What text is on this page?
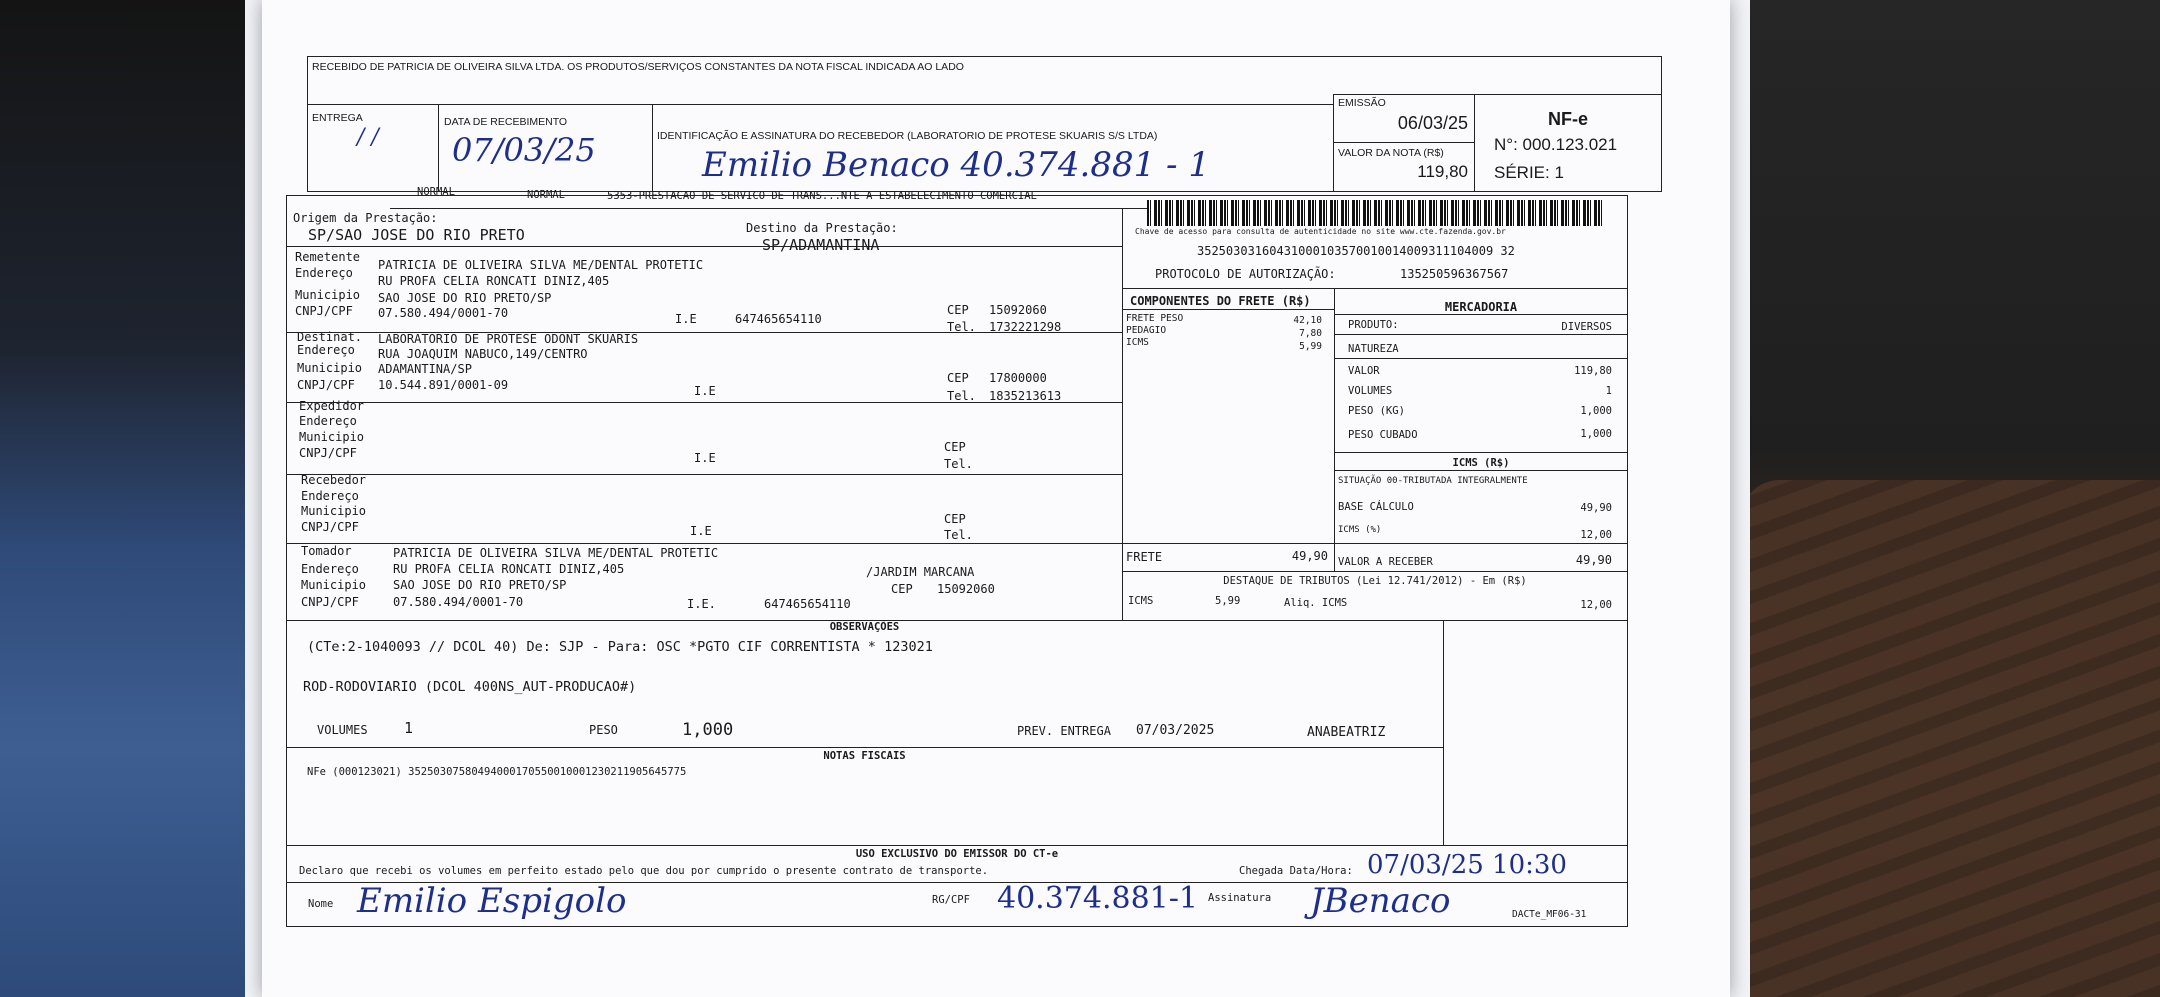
RECEBIDO DE PATRICIA DE OLIVEIRA SILVA LTDA. OS PRODUTOS/SERVIÇOS CONSTANTES DA NOTA FISCAL INDICADA AO LADO
ENTREGA
/ /
DATA DE RECEBIMENTO
07/03/25	IDENTIFICAÇÃO E ASSINATURA DO RECEBEDOR (LABORATORIO DE PROTESE SKUARIS S/S LTDA)
Emilio Benaco 40.374.881 - 1
EMISSÃO
06/03/25
VALOR DA NOTA (R$)
119,80
NF-e
N°: 000.123.021
SÉRIE: 1
NORMAL	NORMAL	5353-PRESTACAO DE SERVICO DE TRANS...NTE A ESTABELECIMENTO COMERCIAL
Chave de acesso para consulta de autenticidade no site www.cte.fazenda.gov.br
35250303160431000103570010014009311104009 32
PROTOCOLO DE AUTORIZAÇÃO:	135250596367567
Origem da Prestação:
SP/SAO JOSE DO RIO PRETO	Destino da Prestação:
SP/ADAMANTINA
Remetente
PATRICIA DE OLIVEIRA SILVA ME/DENTAL PROTETIC
Endereço
RU PROFA CELIA RONCATI DINIZ,405
Municipio SAO JOSE DO RIO PRETO/SP
CNPJ/CPF 07.580.494/0001-70	I.E	647465654110
CEP 15092060
Tel. 1732221298
Destinat. LABORATORIO DE PROTESE ODONT SKUARIS
Endereço RUA JOAQUIM NABUCO,149/CENTRO
Municipio ADAMANTINA/SP
CNPJ/CPF 10.544.891/0001-09	I.E
CEP 17800000
Tel. 1835213613
Expedidor
Endereço
Municipio
CNPJ/CPF	I.E
CEP
Tel.
Recebedor
Endereço
Municipio
CNPJ/CPF	I.E
CEP
Tel.
Tomador	PATRICIA DE OLIVEIRA SILVA ME/DENTAL PROTETIC
Endereço	RU PROFA CELIA RONCATI DINIZ,405	/JARDIM MARCANA
Municipio SAO JOSE DO RIO PRETO/SP	CEP 15092060
CNPJ/CPF	07.580.494/0001-70	I.E.	647465654110
COMPONENTES DO FRETE (R$)
FRETE PESO	42,10
PEDAGIO	7,80
ICMS	5,99
FRETE	49,90
MERCADORIA
PRODUTO:	DIVERSOS
NATUREZA
VALOR	119,80
VOLUMES	1
PESO (KG)	1,000
PESO CUBADO	1,000
ICMS (R$)
SITUAÇÃO 00-TRIBUTADA INTEGRALMENTE
BASE CÁLCULO	49,90
ICMS (%)	12,00
VALOR A RECEBER	49,90
DESTAQUE DE TRIBUTOS (Lei 12.741/2012) - Em (R$)
ICMS	5,99	Aliq. ICMS	12,00
OBSERVAÇÕES
(CTe:2-1040093 // DCOL 40) De: SJP - Para: OSC *PGTO CIF CORRENTISTA * 123021
ROD-RODOVIARIO (DCOL 400NS_AUT-PRODUCAO#)
VOLUMES 1	PESO	1,000	PREV. ENTREGA 07/03/2025	ANABEATRIZ
NOTAS FISCAIS
NFe (000123021) 35250307580494000170550010001230211905645775
USO EXCLUSIVO DO EMISSOR DO CT-e
Declaro que recebi os volumes em perfeito estado pelo que dou por cumprido o presente contrato de transporte.	Chegada Data/Hora: 07/03/25 10:30
Nome Emilio Espigolo	RG/CPF 40.374.881-1 Assinatura JBenaco	DACTe_MF06-31
